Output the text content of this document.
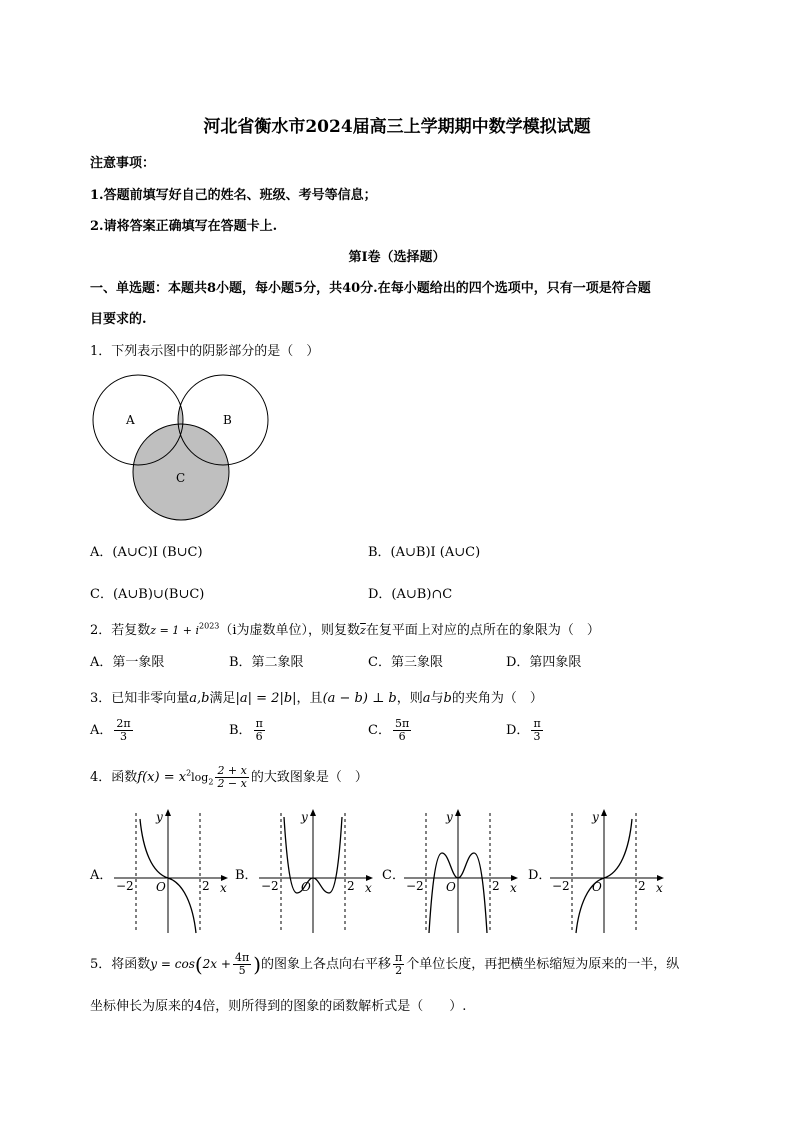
河北省衡水市2024届高三上学期期中数学模拟试题
注意事项：
1.答题前填写好自己的姓名、班级、考号等信息；
2.请将答案正确填写在答题卡上.
第I卷（选择题）
一、单选题：本题共8小题，每小题5分，共40分.在每小题给出的四个选项中，只有一项是符合题
目要求的.
1．下列表示图中的阴影部分的是（　）
A	B
C
A．(A∪C)I (B∪C)	B．(A∪B)I (A∪C)
C．(A∪B)∪(B∪C)	D．(A∪B)∩C
2．若复数$z = 1 + i^{2023}(i$为虚数单位），则复数$\overline{z}$在复平面上对应的点所在的象限为（　）
A．第一象限	B．第二象限	C．第三象限	D．第四象限
3．已知非零向量a,b满足|a| = 2|b|，且(a − b) ⊥ b，则a与b的夹角为（　）
A． $\frac{2\pi}{3}$	B． $\frac{\pi}{6}$	C． $\frac{5\pi}{6}$	D． $\frac{\pi}{3}$
4．函数$f(x) = x^2\log_2 \frac{2 + x}{2 - x}$ 的大致图象是（　）
A．	B．	C．	D．
y
x
O
−2	2
y
x
O
−2	2
y
x
O
−2	2
y
x
O
−2	2
5．将函数$y = \cos(2x + \frac{4\pi}{5}$ )的图象上各点向右平移 $\frac{\pi}{2}$ 个单位长度，再把横坐标缩短为原来的一半，纵
坐标伸长为原来的4倍，则所得到的图象的函数解析式是（　　）.
